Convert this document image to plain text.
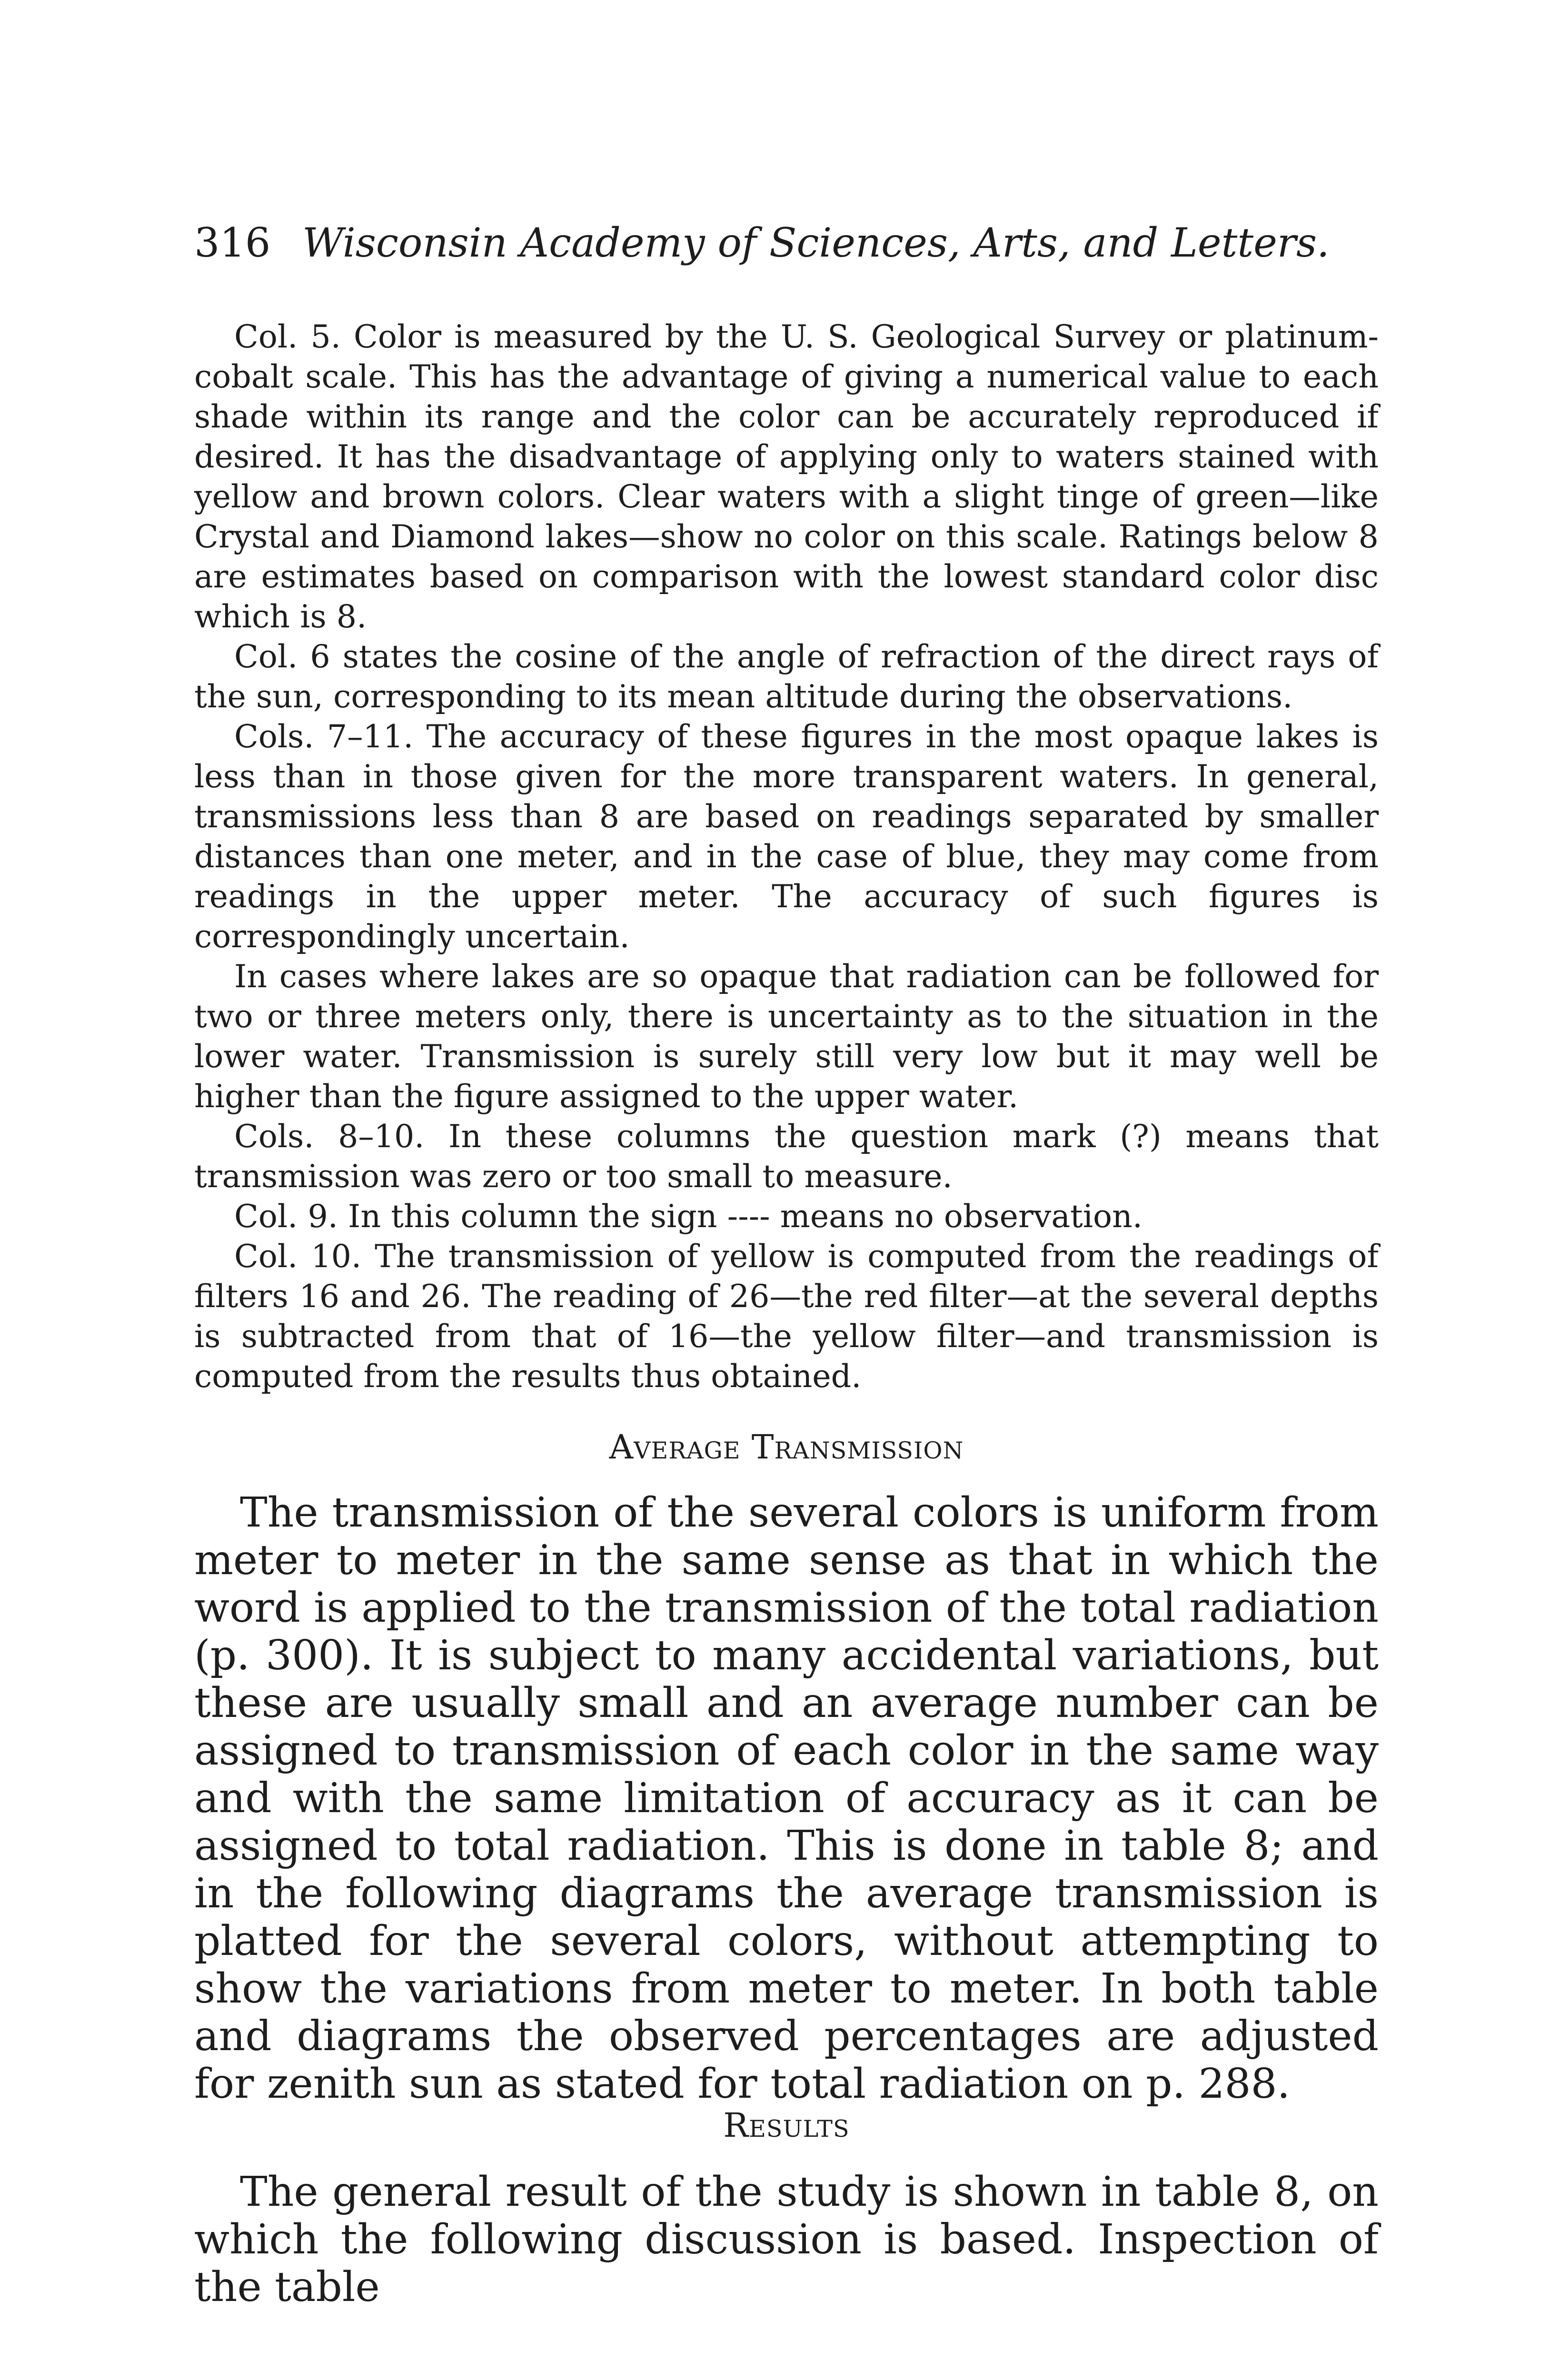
316 Wisconsin Academy of Sciences, Arts, and Letters.

Col. 5. Color is measured by the U. S. Geological Survey or platinum-cobalt scale. This has the advantage of giving a numerical value to each shade within its range and the color can be accurately reproduced if desired. It has the disadvantage of applying only to waters stained with yellow and brown colors. Clear waters with a slight tinge of green—like Crystal and Diamond lakes—show no color on this scale. Ratings below 8 are estimates based on comparison with the lowest standard color disc which is 8.

Col. 6 states the cosine of the angle of refraction of the direct rays of the sun, corresponding to its mean altitude during the observations.

Cols. 7–11. The accuracy of these figures in the most opaque lakes is less than in those given for the more transparent waters. In general, transmissions less than 8 are based on readings separated by smaller distances than one meter, and in the case of blue, they may come from readings in the upper meter. The accuracy of such figures is correspondingly uncertain.

In cases where lakes are so opaque that radiation can be followed for two or three meters only, there is uncertainty as to the situation in the lower water. Transmission is surely still very low but it may well be higher than the figure assigned to the upper water.

Cols. 8–10. In these columns the question mark (?) means that transmission was zero or too small to measure.

Col. 9. In this column the sign ---- means no observation.

Col. 10. The transmission of yellow is computed from the readings of filters 16 and 26. The reading of 26—the red filter—at the several depths is subtracted from that of 16—the yellow filter—and transmission is computed from the results thus obtained.

Average Transmission

The transmission of the several colors is uniform from meter to meter in the same sense as that in which the word is applied to the transmission of the total radiation (p. 300). It is subject to many accidental variations, but these are usually small and an average number can be assigned to transmission of each color in the same way and with the same limitation of accuracy as it can be assigned to total radiation. This is done in table 8; and in the following diagrams the average transmission is platted for the several colors, without attempting to show the variations from meter to meter. In both table and diagrams the observed percentages are adjusted for zenith sun as stated for total radiation on p. 288.

Results

The general result of the study is shown in table 8, on which the following discussion is based. Inspection of the table
